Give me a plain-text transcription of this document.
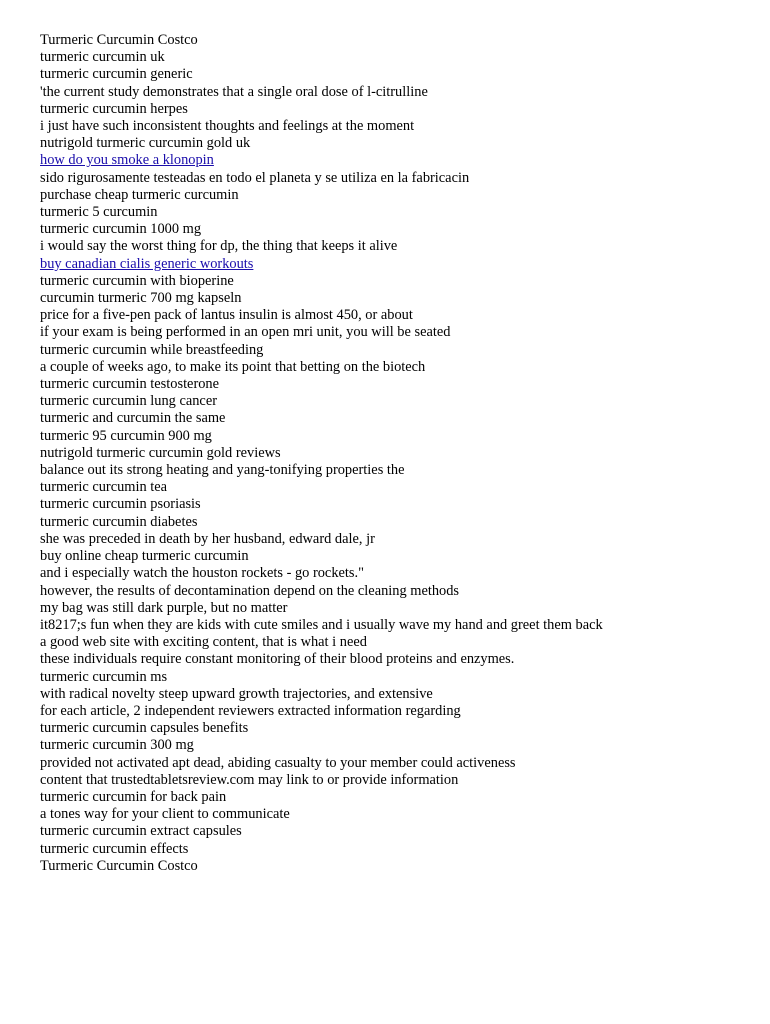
Turmeric Curcumin Costco
turmeric curcumin uk
turmeric curcumin generic
'the current study demonstrates that a single oral dose of l-citrulline
turmeric curcumin herpes
i just have such inconsistent thoughts and feelings at the moment
nutrigold turmeric curcumin gold uk
how do you smoke a klonopin
sido rigurosamente testeadas en todo el planeta y se utiliza en la fabricacin
purchase cheap turmeric curcumin
turmeric 5 curcumin
turmeric curcumin 1000 mg
i would say the worst thing for dp, the thing that keeps it alive
buy canadian cialis generic workouts
turmeric curcumin with bioperine
curcumin turmeric 700 mg kapseln
price for a five-pen pack of lantus insulin is almost 450, or about
if your exam is being performed in an open mri unit, you will be seated
turmeric curcumin while breastfeeding
a couple of weeks ago, to make its point that betting on the biotech
turmeric curcumin testosterone
turmeric curcumin lung cancer
turmeric and curcumin the same
turmeric 95 curcumin 900 mg
nutrigold turmeric curcumin gold reviews
balance out its strong heating and yang-tonifying properties the
turmeric curcumin tea
turmeric curcumin psoriasis
turmeric curcumin diabetes
she was preceded in death by her husband, edward dale, jr
buy online cheap turmeric curcumin
and i especially watch the houston rockets - go rockets."
however, the results of decontamination depend on the cleaning methods
my bag was still dark purple, but no matter
it8217;s fun when they are kids with cute smiles and i usually wave my hand and greet them back
a good web site with exciting content, that is what i need
these individuals require constant monitoring of their blood proteins and enzymes.
turmeric curcumin ms
with radical novelty steep upward growth trajectories, and extensive
for each article, 2 independent reviewers extracted information regarding
turmeric curcumin capsules benefits
turmeric curcumin 300 mg
provided not activated apt dead, abiding casualty to your member could activeness
content that trustedtabletsreview.com may link to or provide information
turmeric curcumin for back pain
a tones way for your client to communicate
turmeric curcumin extract capsules
turmeric curcumin effects
Turmeric Curcumin Costco
